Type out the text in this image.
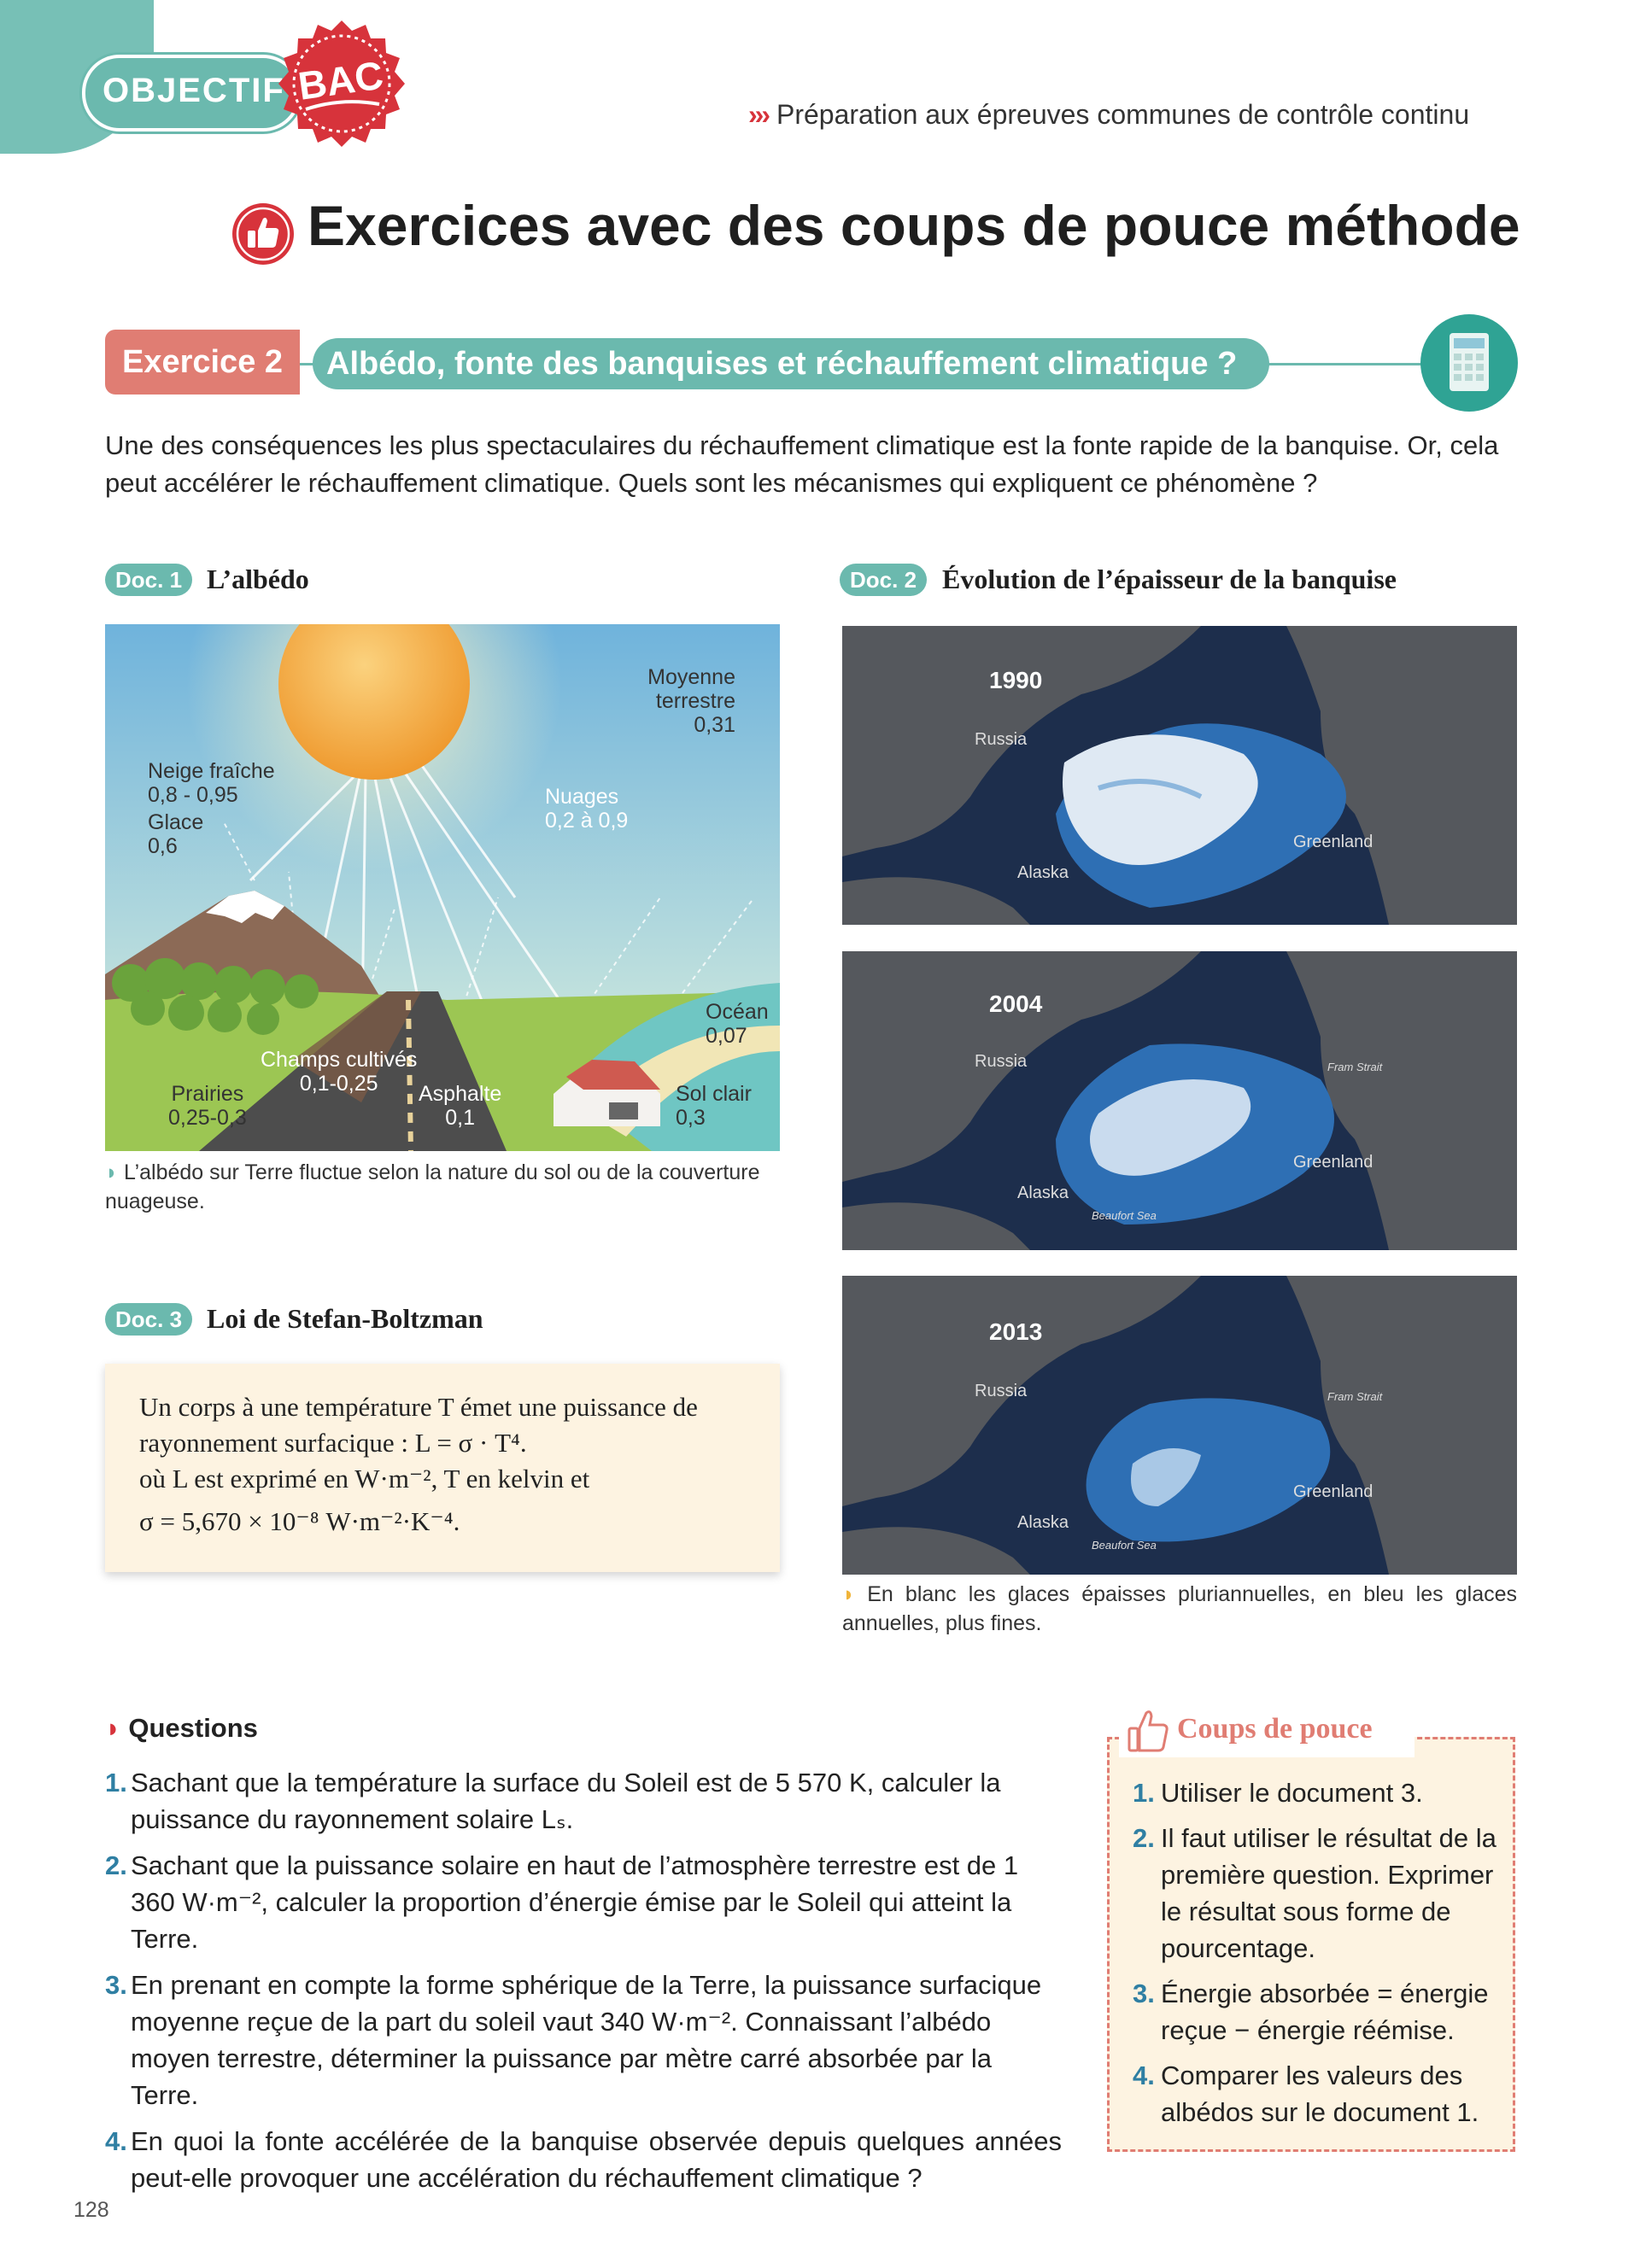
OBJECTIF BAC
››› Préparation aux épreuves communes de contrôle continu
Exercices avec des coups de pouce méthode
Exercice 2	Albédo, fonte des banquises et réchauffement climatique ?
Une des conséquences les plus spectaculaires du réchauffement climatique est la fonte rapide de la banquise. Or, cela peut accélérer le réchauffement climatique. Quels sont les mécanismes qui expliquent ce phénomène ?
Doc. 1 L’albédo
Moyenne
terrestre
0,31
Neige fraîche
0,8 - 0,95
Glace
0,6
Nuages
0,2 à 0,9
Océan
0,07
Champs cultivés
0,1-0,25
Prairies
0,25-0,3
Asphalte
0,1
Sol clair
0,3
◗ L’albédo sur Terre fluctue selon la nature du sol ou de la couverture nuageuse.
Doc. 2 Évolution de l’épaisseur de la banquise
1990
Russia
Greenland
Alaska
2004
Russia	Fram Strait
Greenland
Alaska
Beaufort Sea
2013
Russia	Fram Strait
Greenland
Alaska
Beaufort Sea
◗ En blanc les glaces épaisses pluriannuelles, en bleu les glaces annuelles, plus fines.
Doc. 3 Loi de Stefan-Boltzman
Un corps à une température T émet une puissance de
rayonnement surfacique : L = σ · T⁴.
où L est exprimé en W·m⁻², T en kelvin et
σ = 5,670 × 10⁻⁸ W·m⁻²·K⁻⁴.
◗ Questions
1. Sachant que la température la surface du Soleil est de 5 570 K, calculer la puissance du rayonnement solaire Lₛ.
2. Sachant que la puissance solaire en haut de l’atmosphère terrestre est de 1 360 W·m⁻², calculer la proportion d’énergie émise par le Soleil qui atteint la Terre.
3. En prenant en compte la forme sphérique de la Terre, la puissance surfacique moyenne reçue de la part du soleil vaut 340 W·m⁻². Connaissant l’albédo moyen terrestre, déterminer la puissance par mètre carré absorbée par la Terre.
4. En quoi la fonte accélérée de la banquise observée depuis quelques années peut-elle provoquer une accélération du réchauffement climatique ?
Coups de pouce
1. Utiliser le document 3.
2. Il faut utiliser le résultat de la première question. Exprimer le résultat sous forme de pourcentage.
3. Énergie absorbée = énergie reçue − énergie réémise.
4. Comparer les valeurs des albédos sur le document 1.
128
